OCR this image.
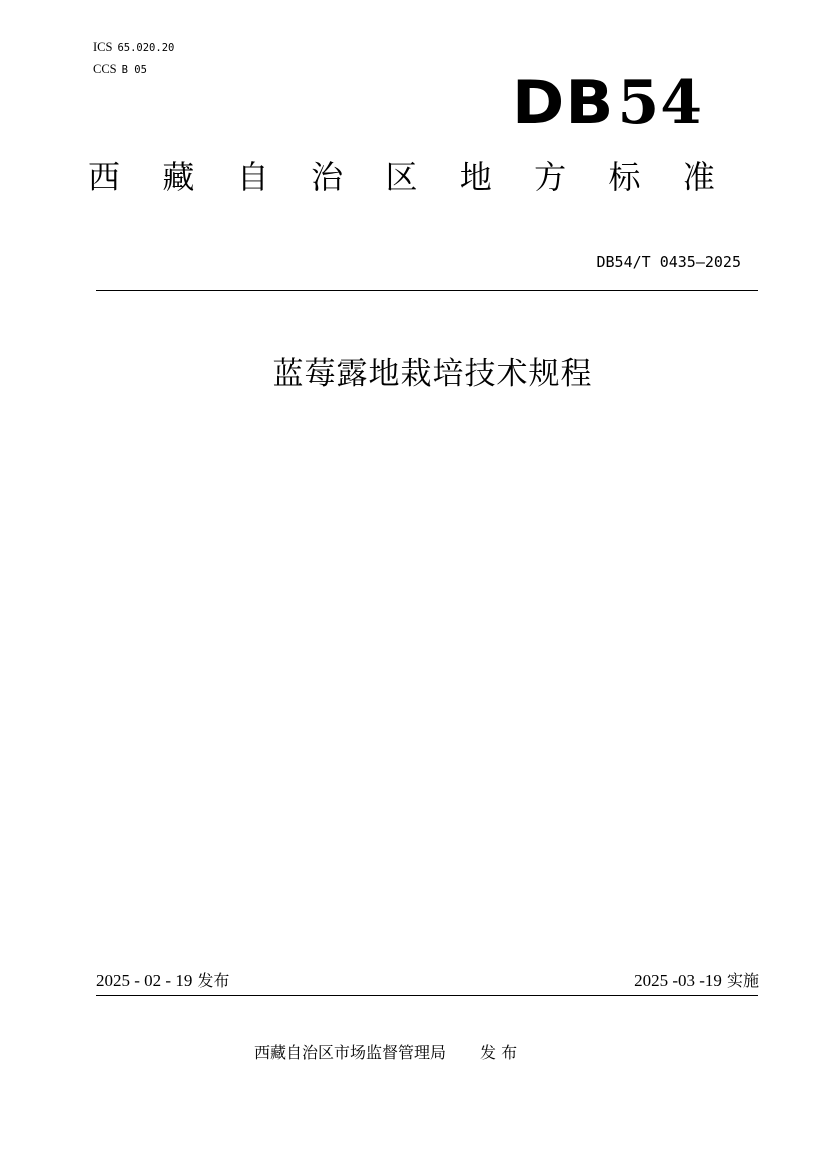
ICS 65.020.20
CCS B 05	DB54
西 藏 自 治 区 地 方 标 准
DB54/T 0435—2025
蓝莓露地栽培技术规程
2025 - 02 - 19 发布	2025 -03 -19 实施
西藏自治区市场监督管理局 发 布
